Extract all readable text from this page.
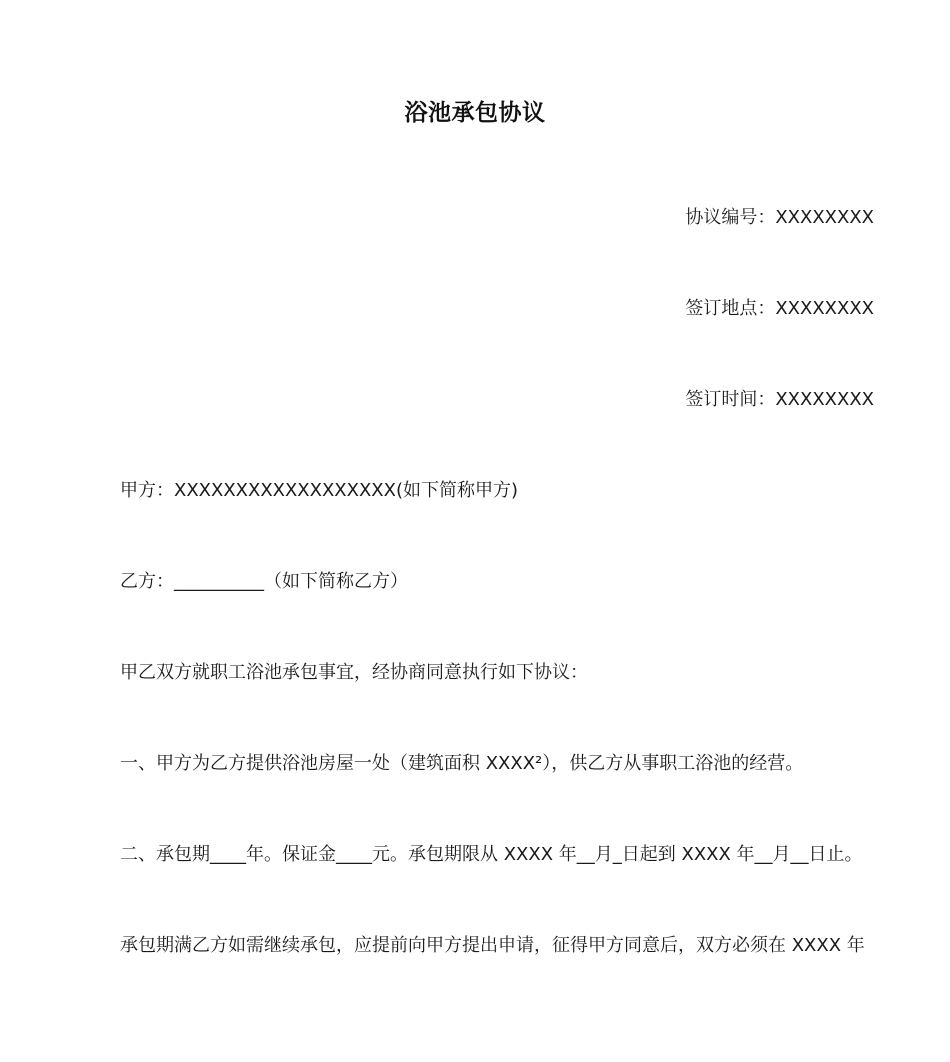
浴池承包协议
协议编号：XXXXXXXX
签订地点：XXXXXXXX
签订时间：XXXXXXXX
甲方：XXXXXXXXXXXXXXXXXX(如下简称甲方)
乙方：__________（如下简称乙方）
甲乙双方就职工浴池承包事宜，经协商同意执行如下协议：
一、甲方为乙方提供浴池房屋一处（建筑面积 XXXX²），供乙方从事职工浴池的经营。
二、承包期____年。保证金____元。承包期限从 XXXX 年__月_日起到 XXXX 年__月__日止。
承包期满乙方如需继续承包，应提前向甲方提出申请，征得甲方同意后，双方必须在 XXXX 年
